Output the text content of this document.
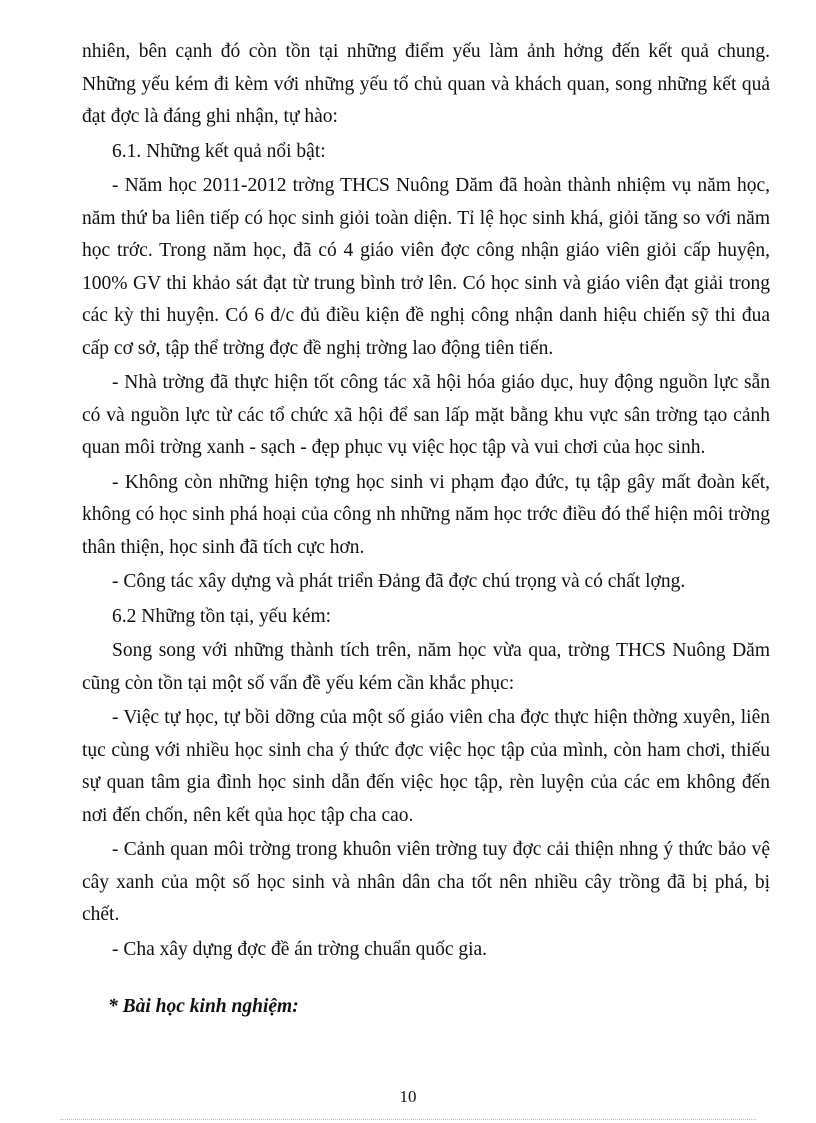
nhiên, bên cạnh đó còn tồn tại những điểm yếu làm ảnh hởng đến kết quả chung. Những yếu kém đi kèm với những yếu tố chủ quan và khách quan, song những kết quả đạt đợc là đáng ghi nhận, tự hào:

6.1. Những kết quả nổi bật:

- Năm học 2011-2012 trờng THCS Nuông Dăm đã hoàn thành nhiệm vụ năm học, năm thứ ba liên tiếp có học sinh giỏi toàn diện. Tỉ lệ học sinh khá, giỏi tăng so với năm học trớc. Trong năm học, đã có 4 giáo viên đợc công nhận giáo viên giỏi cấp huyện, 100% GV thi khảo sát đạt từ trung bình trở lên. Có học sinh và giáo viên đạt giải trong các kỳ thi huyện. Có 6 đ/c đủ điều kiện đề nghị công nhận danh hiệu chiến sỹ thi đua cấp cơ sở, tập thể trờng đợc đề nghị trờng lao động tiên tiến.

- Nhà trờng đã thực hiện tốt công tác xã hội hóa giáo dục, huy động nguồn lực sẵn có và nguồn lực từ các tổ chức xã hội để san lấp mặt bằng khu vực sân trờng tạo cảnh quan môi trờng xanh - sạch - đẹp phục vụ việc học tập và vui chơi của học sinh.

- Không còn những hiện tợng học sinh vi phạm đạo đức, tụ tập gây mất đoàn kết, không có học sinh phá hoại của công nh những năm học trớc điều đó thể hiện môi trờng thân thiện, học sinh đã tích cực hơn.

- Công tác xây dựng và phát triển Đảng đã đợc chú trọng và có chất lợng.

6.2 Những tồn tại, yếu kém:

Song song với những thành tích trên, năm học vừa qua, trờng THCS Nuông Dăm cũng còn tồn tại một số vấn đề yếu kém cần khắc phục:

- Việc tự học, tự bồi dỡng của một số giáo viên cha đợc thực hiện thờng xuyên, liên tục cùng với nhiều học sinh cha ý thức đợc việc học tập của mình, còn ham chơi, thiếu sự quan tâm gia đình học sinh dẫn đến việc học tập, rèn luyện của các em không đến nơi đến chốn, nên kết qủa học tập cha cao.

- Cảnh quan môi trờng trong khuôn viên trờng tuy đợc cải thiện nhng ý thức bảo vệ cây xanh của một số học sinh và nhân dân cha tốt nên nhiều cây trồng đã bị phá, bị chết.

- Cha xây dựng đợc đề án trờng chuẩn quốc gia.

* Bài học kinh nghiệm:

10
